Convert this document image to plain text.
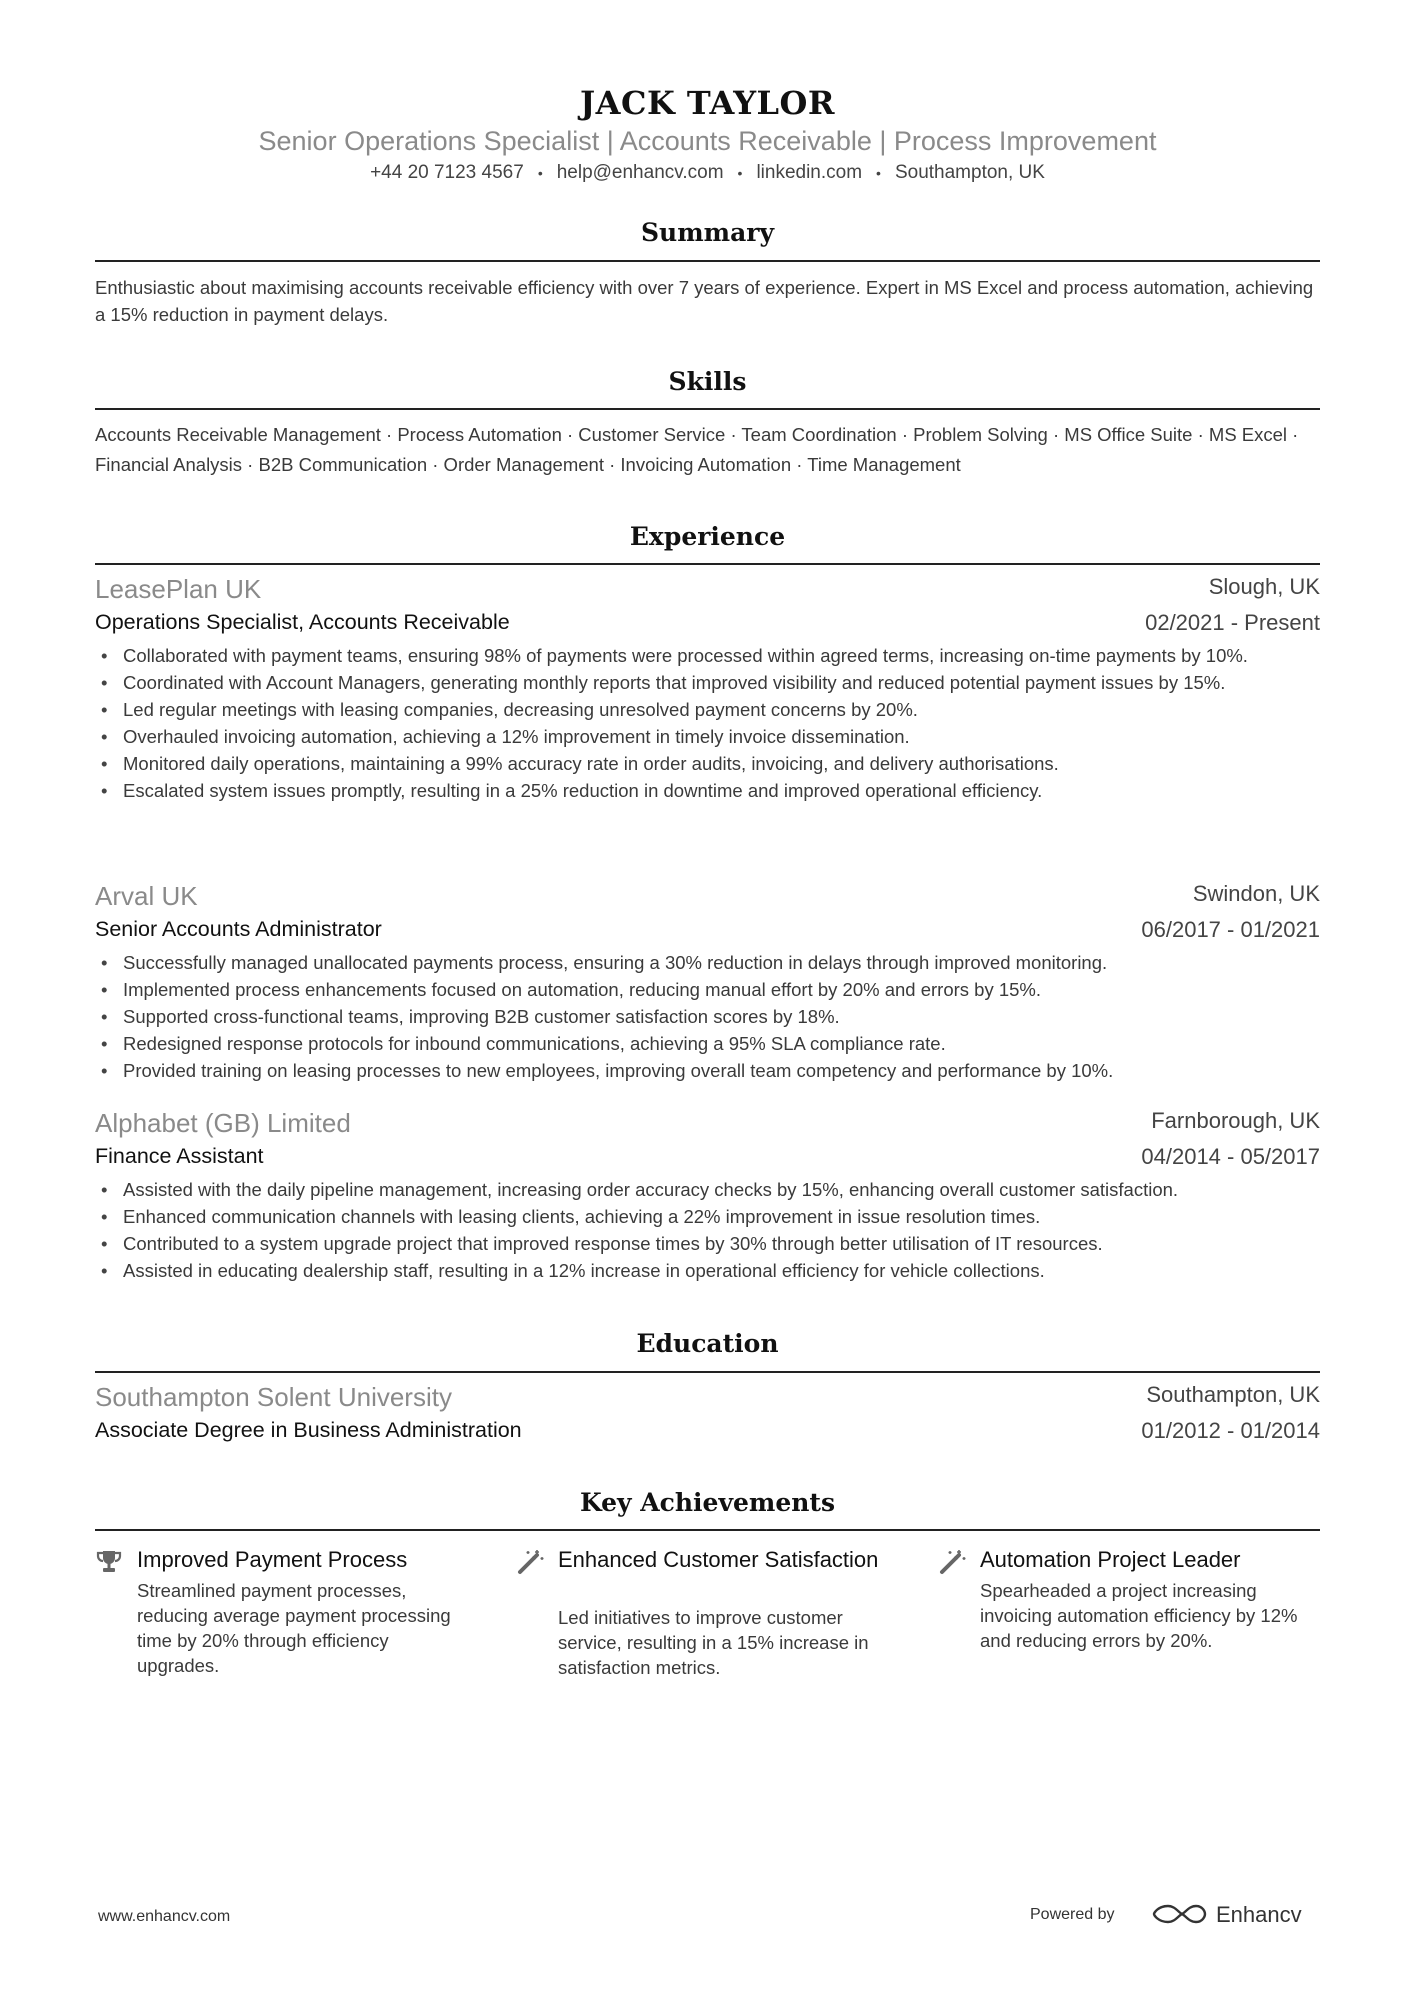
JACK TAYLOR
Senior Operations Specialist | Accounts Receivable | Process Improvement
+44 20 7123 4567 • help@enhancv.com • linkedin.com • Southampton, UK
Summary
Enthusiastic about maximising accounts receivable efficiency with over 7 years of experience. Expert in MS Excel and process automation, achieving a 15% reduction in payment delays.
Skills
Accounts Receivable Management · Process Automation · Customer Service · Team Coordination · Problem Solving · MS Office Suite · MS Excel · Financial Analysis · B2B Communication · Order Management · Invoicing Automation · Time Management
Experience
LeasePlan UK	Slough, UK
Operations Specialist, Accounts Receivable	02/2021 - Present
• Collaborated with payment teams, ensuring 98% of payments were processed within agreed terms, increasing on-time payments by 10%.
• Coordinated with Account Managers, generating monthly reports that improved visibility and reduced potential payment issues by 15%.
• Led regular meetings with leasing companies, decreasing unresolved payment concerns by 20%.
• Overhauled invoicing automation, achieving a 12% improvement in timely invoice dissemination.
• Monitored daily operations, maintaining a 99% accuracy rate in order audits, invoicing, and delivery authorisations.
• Escalated system issues promptly, resulting in a 25% reduction in downtime and improved operational efficiency.
Arval UK	Swindon, UK
Senior Accounts Administrator	06/2017 - 01/2021
• Successfully managed unallocated payments process, ensuring a 30% reduction in delays through improved monitoring.
• Implemented process enhancements focused on automation, reducing manual effort by 20% and errors by 15%.
• Supported cross-functional teams, improving B2B customer satisfaction scores by 18%.
• Redesigned response protocols for inbound communications, achieving a 95% SLA compliance rate.
• Provided training on leasing processes to new employees, improving overall team competency and performance by 10%.
Alphabet (GB) Limited	Farnborough, UK
Finance Assistant	04/2014 - 05/2017
• Assisted with the daily pipeline management, increasing order accuracy checks by 15%, enhancing overall customer satisfaction.
• Enhanced communication channels with leasing clients, achieving a 22% improvement in issue resolution times.
• Contributed to a system upgrade project that improved response times by 30% through better utilisation of IT resources.
• Assisted in educating dealership staff, resulting in a 12% increase in operational efficiency for vehicle collections.
Education
Southampton Solent University	Southampton, UK
Associate Degree in Business Administration	01/2012 - 01/2014
Key Achievements
Improved Payment Process
Streamlined payment processes, reducing average payment processing time by 20% through efficiency upgrades.
Enhanced Customer Satisfaction
Led initiatives to improve customer service, resulting in a 15% increase in satisfaction metrics.
Automation Project Leader
Spearheaded a project increasing invoicing automation efficiency by 12% and reducing errors by 20%.
www.enhancv.com	Powered by	Enhancv
